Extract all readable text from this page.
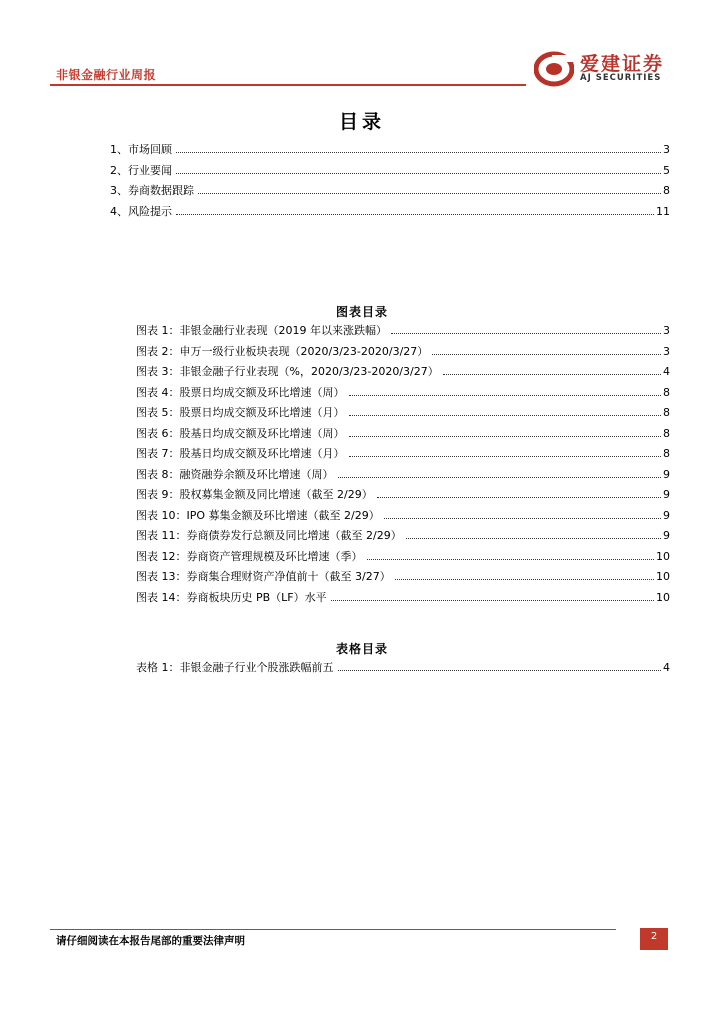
非银金融行业周报	爱建证券
AJ SECURITIES
目录
1、市场回顾	3
2、行业要闻	5
3、券商数据跟踪	8
4、风险提示	11
图表目录
图表 1：非银金融行业表现（2019 年以来涨跌幅）	3
图表 2：申万一级行业板块表现（2020/3/23-2020/3/27）	3
图表 3：非银金融子行业表现（%，2020/3/23-2020/3/27）	4
图表 4：股票日均成交额及环比增速（周）	8
图表 5：股票日均成交额及环比增速（月）	8
图表 6：股基日均成交额及环比增速（周）	8
图表 7：股基日均成交额及环比增速（月）	8
图表 8：融资融券余额及环比增速（周）	9
图表 9：股权募集金额及同比增速（截至 2/29）	9
图表 10：IPO 募集金额及环比增速（截至 2/29）	9
图表 11：券商债券发行总额及同比增速（截至 2/29）	9
图表 12：券商资产管理规模及环比增速（季）	10
图表 13：券商集合理财资产净值前十（截至 3/27）	10
图表 14：券商板块历史 PB（LF）水平	10
表格目录
表格 1：非银金融子行业个股涨跌幅前五	4
请仔细阅读在本报告尾部的重要法律声明	2
